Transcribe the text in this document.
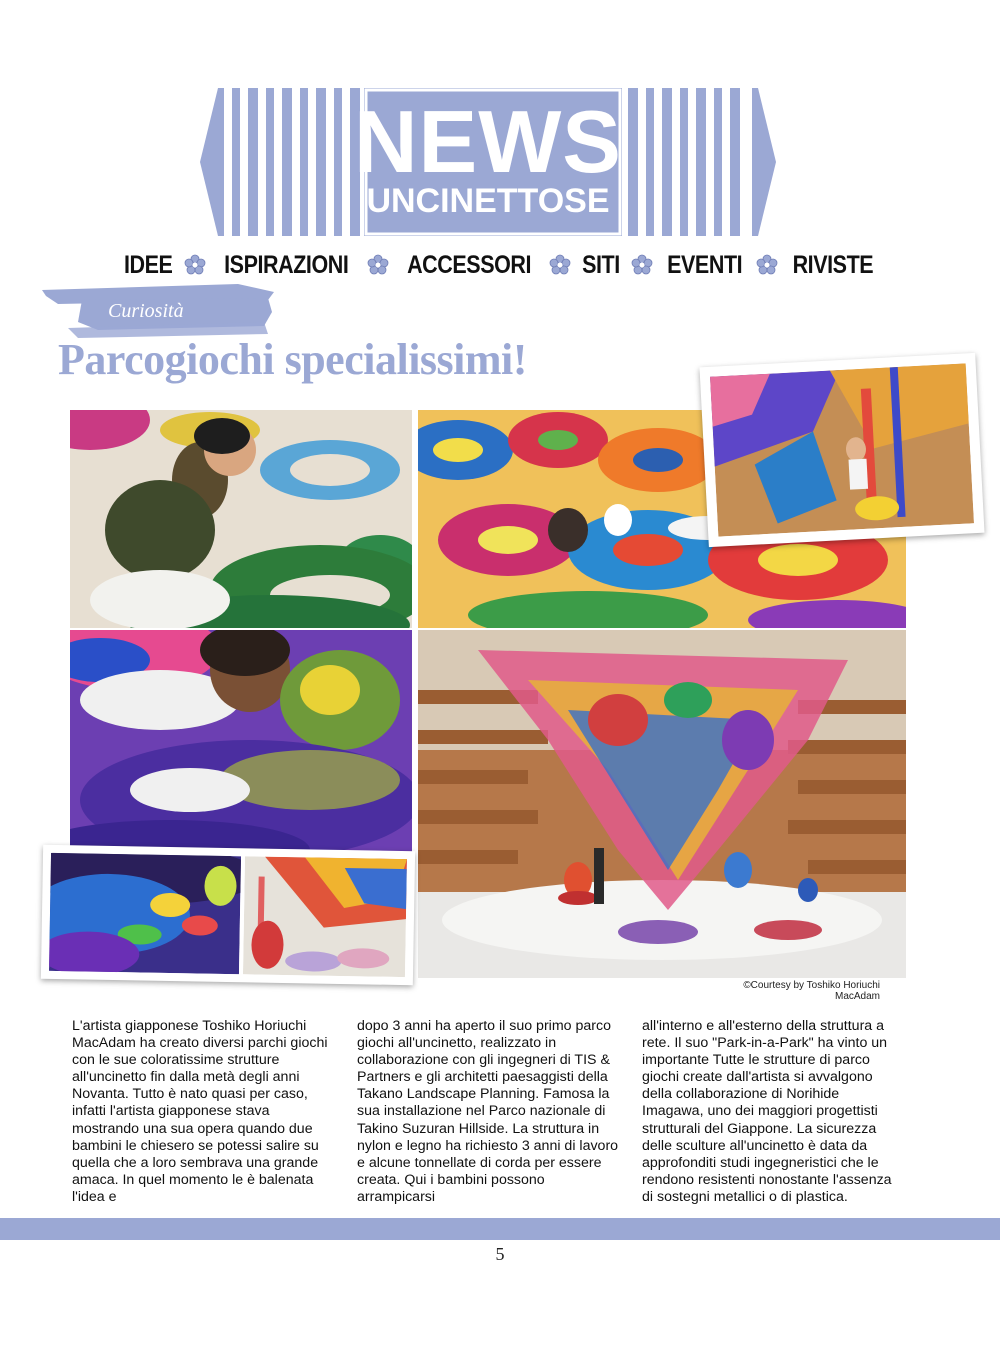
NEWS
UNCINETTOSE
IDEE ISPIRAZIONI ACCESSORI SITI EVENTI RIVISTE
Curiosità
Parcogiochi specialissimi!
©Courtesy by Toshiko Horiuchi MacAdam
L'artista giapponese Toshiko Horiuchi MacAdam ha creato diversi parchi giochi con le sue coloratissime strutture all'uncinetto fin dalla metà degli anni Novanta. Tutto è nato quasi per caso, infatti l'artista giapponese stava mostrando una sua opera quando due bambini le chiesero se potessi salire su quella che a loro sembrava una grande amaca. In quel momento le è balenata l'idea e
dopo 3 anni ha aperto il suo primo parco giochi all'uncinetto, realizzato in collaborazione con gli ingegneri di TIS & Partners e gli architetti paesaggisti della Takano Landscape Planning. Famosa la sua installazione nel Parco nazionale di Takino Suzuran Hillside. La struttura in nylon e legno ha richiesto 3 anni di lavoro e alcune tonnellate di corda per essere creata. Qui i bambini possono arrampicarsi
all'interno e all'esterno della struttura a rete. Il suo "Park-in-a-Park" ha vinto un importante Tutte le strutture di parco giochi create dall'artista si avvalgono della collaborazione di Norihide Imagawa, uno dei maggiori progettisti strutturali del Giappone. La sicurezza delle sculture all'uncinetto è data da approfonditi studi ingegneristici che le rendono resistenti nonostante l'assenza di sostegni metallici o di plastica.
5
